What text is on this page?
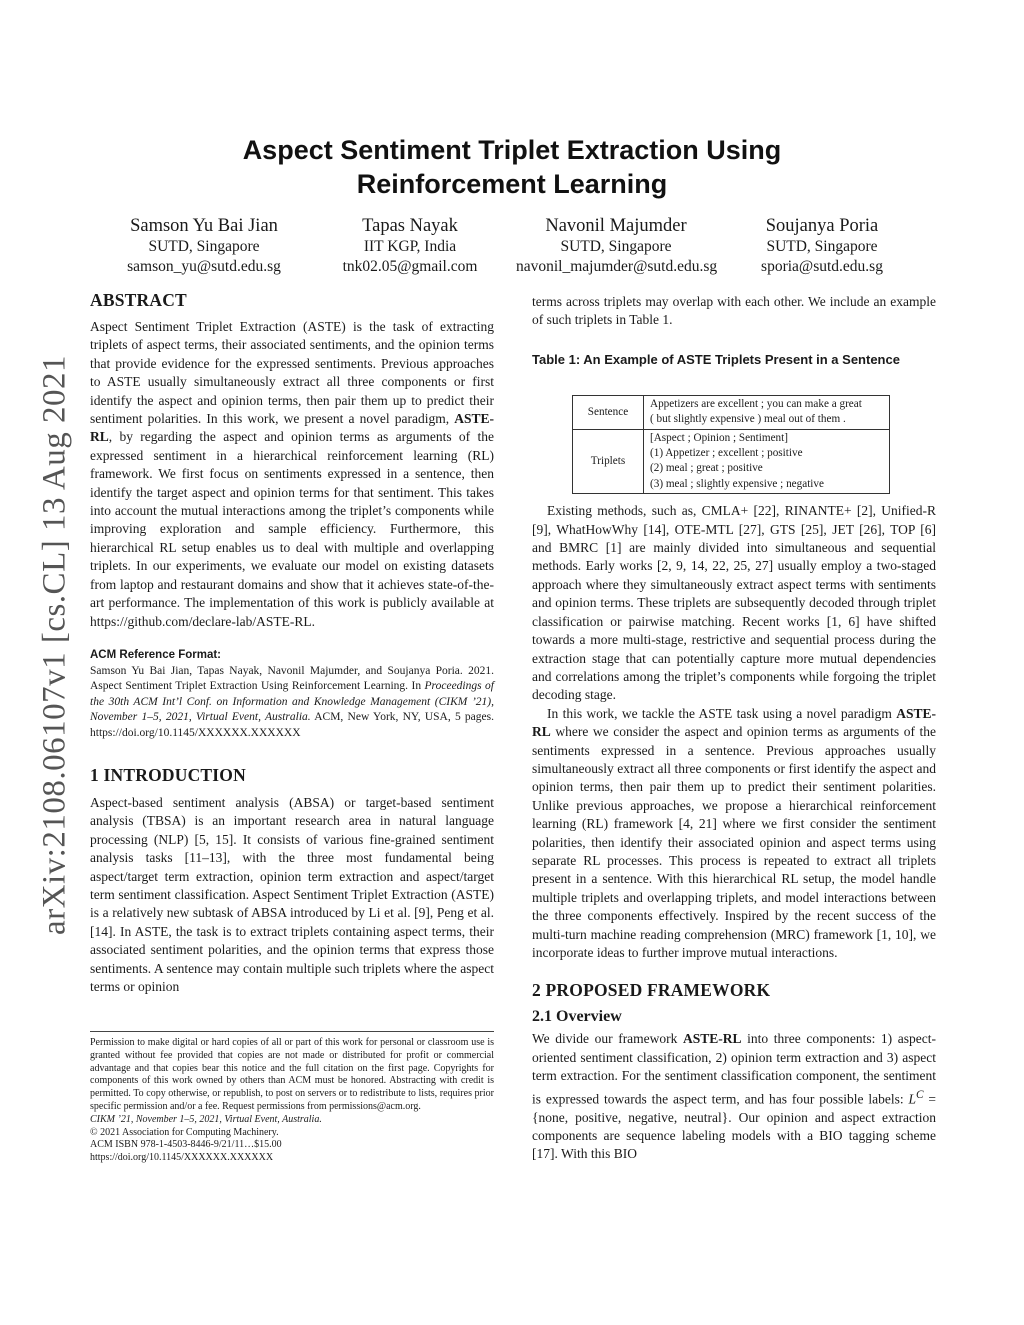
arXiv:2108.06107v1 [cs.CL] 13 Aug 2021
Aspect Sentiment Triplet Extraction Using Reinforcement Learning
Samson Yu Bai Jian
SUTD, Singapore
samson_yu@sutd.edu.sg
Tapas Nayak
IIT KGP, India
tnk02.05@gmail.com
Navonil Majumder
SUTD, Singapore
navonil_majumder@sutd.edu.sg
Soujanya Poria
SUTD, Singapore
sporia@sutd.edu.sg
ABSTRACT

Aspect Sentiment Triplet Extraction (ASTE) is the task of extracting triplets of aspect terms, their associated sentiments, and the opinion terms that provide evidence for the expressed sentiments. Previous approaches to ASTE usually simultaneously extract all three components or first identify the aspect and opinion terms, then pair them up to predict their sentiment polarities. In this work, we present a novel paradigm, ASTE-RL, by regarding the aspect and opinion terms as arguments of the expressed sentiment in a hierarchical reinforcement learning (RL) framework. We first focus on sentiments expressed in a sentence, then identify the target aspect and opinion terms for that sentiment. This takes into account the mutual interactions among the triplet’s components while improving exploration and sample efficiency. Furthermore, this hierarchical RL setup enables us to deal with multiple and overlapping triplets. In our experiments, we evaluate our model on existing datasets from laptop and restaurant domains and show that it achieves state-of-the-art performance. The implementation of this work is publicly available at https://github.com/declare-lab/ASTE-RL.

ACM Reference Format:

Samson Yu Bai Jian, Tapas Nayak, Navonil Majumder, and Soujanya Poria. 2021. Aspect Sentiment Triplet Extraction Using Reinforcement Learning. In Proceedings of the 30th ACM Int’l Conf. on Information and Knowledge Management (CIKM ’21), November 1–5, 2021, Virtual Event, Australia. ACM, New York, NY, USA, 5 pages. https://doi.org/10.1145/XXXXXX.XXXXXX

1 INTRODUCTION

Aspect-based sentiment analysis (ABSA) or target-based sentiment analysis (TBSA) is an important research area in natural language processing (NLP) [5, 15]. It consists of various fine-grained sentiment analysis tasks [11–13], with the three most fundamental being aspect/target term extraction, opinion term extraction and aspect/target term sentiment classification. Aspect Sentiment Triplet Extraction (ASTE) is a relatively new subtask of ABSA introduced by Li et al. [9], Peng et al. [14]. In ASTE, the task is to extract triplets containing aspect terms, their associated sentiment polarities, and the opinion terms that express those sentiments. A sentence may contain multiple such triplets where the aspect terms or opinion

Permission to make digital or hard copies of all or part of this work for personal or classroom use is granted without fee provided that copies are not made or distributed for profit or commercial advantage and that copies bear this notice and the full citation on the first page. Copyrights for components of this work owned by others than ACM must be honored. Abstracting with credit is permitted. To copy otherwise, or republish, to post on servers or to redistribute to lists, requires prior specific permission and/or a fee. Request permissions from permissions@acm.org.

CIKM ’21, November 1–5, 2021, Virtual Event, Australia.

© 2021 Association for Computing Machinery.

ACM ISBN 978-1-4503-8446-9/21/11…$15.00

https://doi.org/10.1145/XXXXXX.XXXXXX

terms across triplets may overlap with each other. We include an example of such triplets in Table 1.

Table 1: An Example of ASTE Triplets Present in a Sentence
Sentence	Appetizers are excellent ; you can make a great
( but slightly expensive ) meal out of them .

Triplets	[Aspect ; Opinion ; Sentiment]
(1) Appetizer ; excellent ; positive
(2) meal ; great ; positive
(3) meal ; slightly expensive ; negative

Existing methods, such as, CMLA+ [22], RINANTE+ [2], Unified-R [9], WhatHowWhy [14], OTE-MTL [27], GTS [25], JET [26], TOP [6] and BMRC [1] are mainly divided into simultaneous and sequential methods. Early works [2, 9, 14, 22, 25, 27] usually employ a two-staged approach where they simultaneously extract aspect terms with sentiments and opinion terms. These triplets are subsequently decoded through triplet classification or pairwise matching. Recent works [1, 6] have shifted towards a more multi-stage, restrictive and sequential process during the extraction stage that can potentially capture more mutual dependencies and correlations among the triplet’s components while forgoing the triplet decoding stage.

In this work, we tackle the ASTE task using a novel paradigm ASTE-RL where we consider the aspect and opinion terms as arguments of the sentiments expressed in a sentence. Previous approaches usually simultaneously extract all three components or first identify the aspect and opinion terms, then pair them up to predict their sentiment polarities. Unlike previous approaches, we propose a hierarchical reinforcement learning (RL) framework [4, 21] where we first consider the sentiment polarities, then identify their associated opinion and aspect terms using separate RL processes. This process is repeated to extract all triplets present in a sentence. With this hierarchical RL setup, the model handle multiple triplets and overlapping triplets, and model interactions between the three components effectively. Inspired by the recent success of the multi-turn machine reading comprehension (MRC) framework [1, 10], we incorporate ideas to further improve mutual interactions.

2 PROPOSED FRAMEWORK
2.1 Overview

We divide our framework ASTE-RL into three components: 1) aspect-oriented sentiment classification, 2) opinion term extraction and 3) aspect term extraction. For the sentiment classification component, the sentiment is expressed towards the aspect term, and has four possible labels: $L^C$ = {none, positive, negative, neutral}. Our opinion and aspect extraction components are sequence labeling models with a BIO tagging scheme [17]. With this BIO
